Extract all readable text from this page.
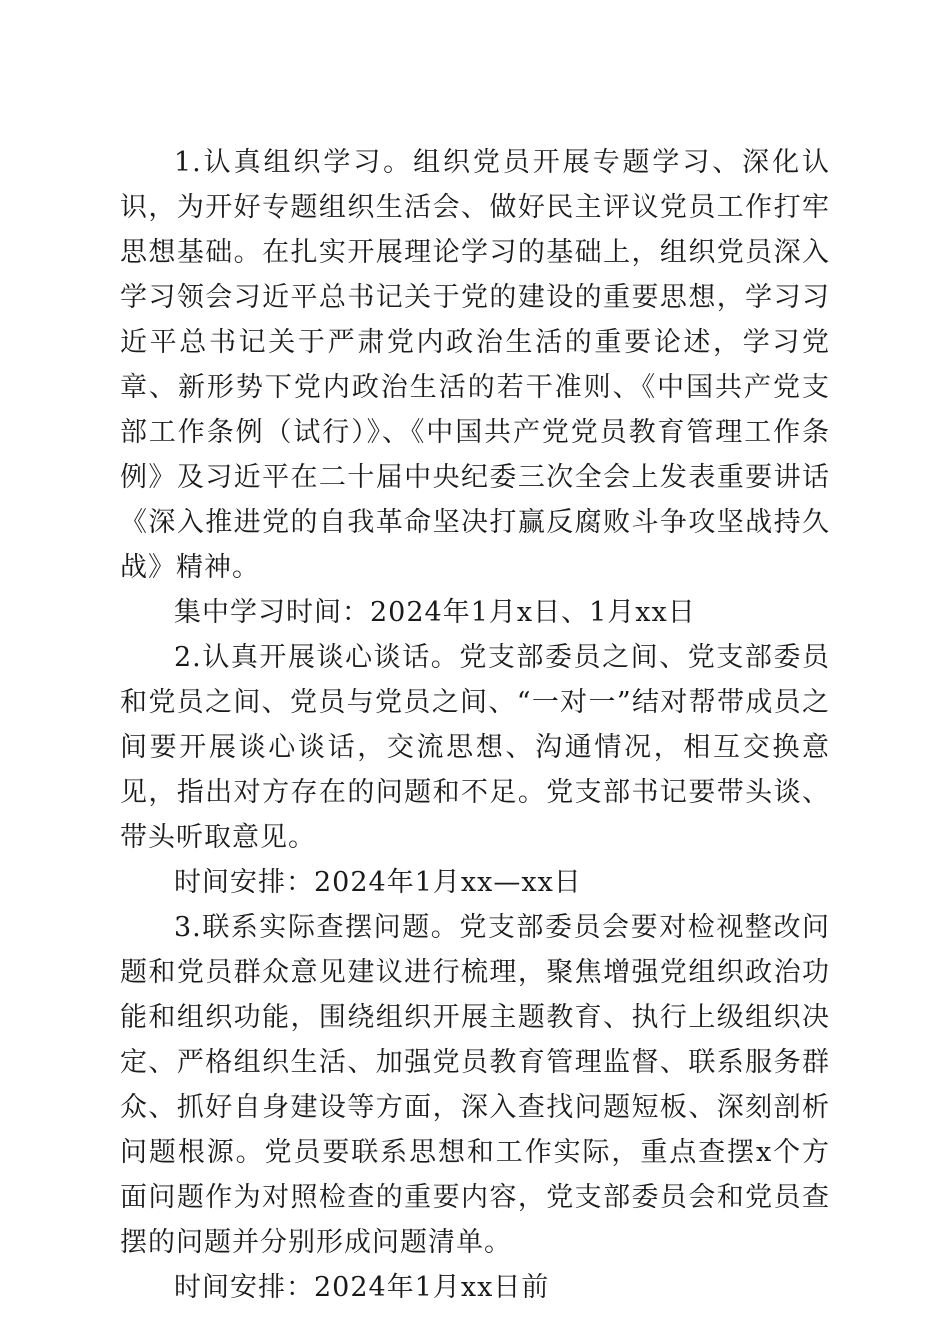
1.认真组织学习。组织党员开展专题学习、深化认识，为开好专题组织生活会、做好民主评议党员工作打牢思想基础。在扎实开展理论学习的基础上，组织党员深入学习领会习近平总书记关于党的建设的重要思想，学习习近平总书记关于严肃党内政治生活的重要论述，学习党章、新形势下党内政治生活的若干准则、《中国共产党支部工作条例（试行）》、《中国共产党党员教育管理工作条例》及习近平在二十届中央纪委三次全会上发表重要讲话《深入推进党的自我革命坚决打赢反腐败斗争攻坚战持久战》精神。

集中学习时间：2024年1月x日、1月xx日

2.认真开展谈心谈话。党支部委员之间、党支部委员和党员之间、党员与党员之间、“一对一”结对帮带成员之间要开展谈心谈话，交流思想、沟通情况，相互交换意见，指出对方存在的问题和不足。党支部书记要带头谈、带头听取意见。

时间安排：2024年1月xx—xx日

3.联系实际查摆问题。党支部委员会要对检视整改问题和党员群众意见建议进行梳理，聚焦增强党组织政治功能和组织功能，围绕组织开展主题教育、执行上级组织决定、严格组织生活、加强党员教育管理监督、联系服务群众、抓好自身建设等方面，深入查找问题短板、深刻剖析问题根源。党员要联系思想和工作实际，重点查摆x个方面问题作为对照检查的重要内容，党支部委员会和党员查摆的问题并分别形成问题清单。

时间安排：2024年1月xx日前
